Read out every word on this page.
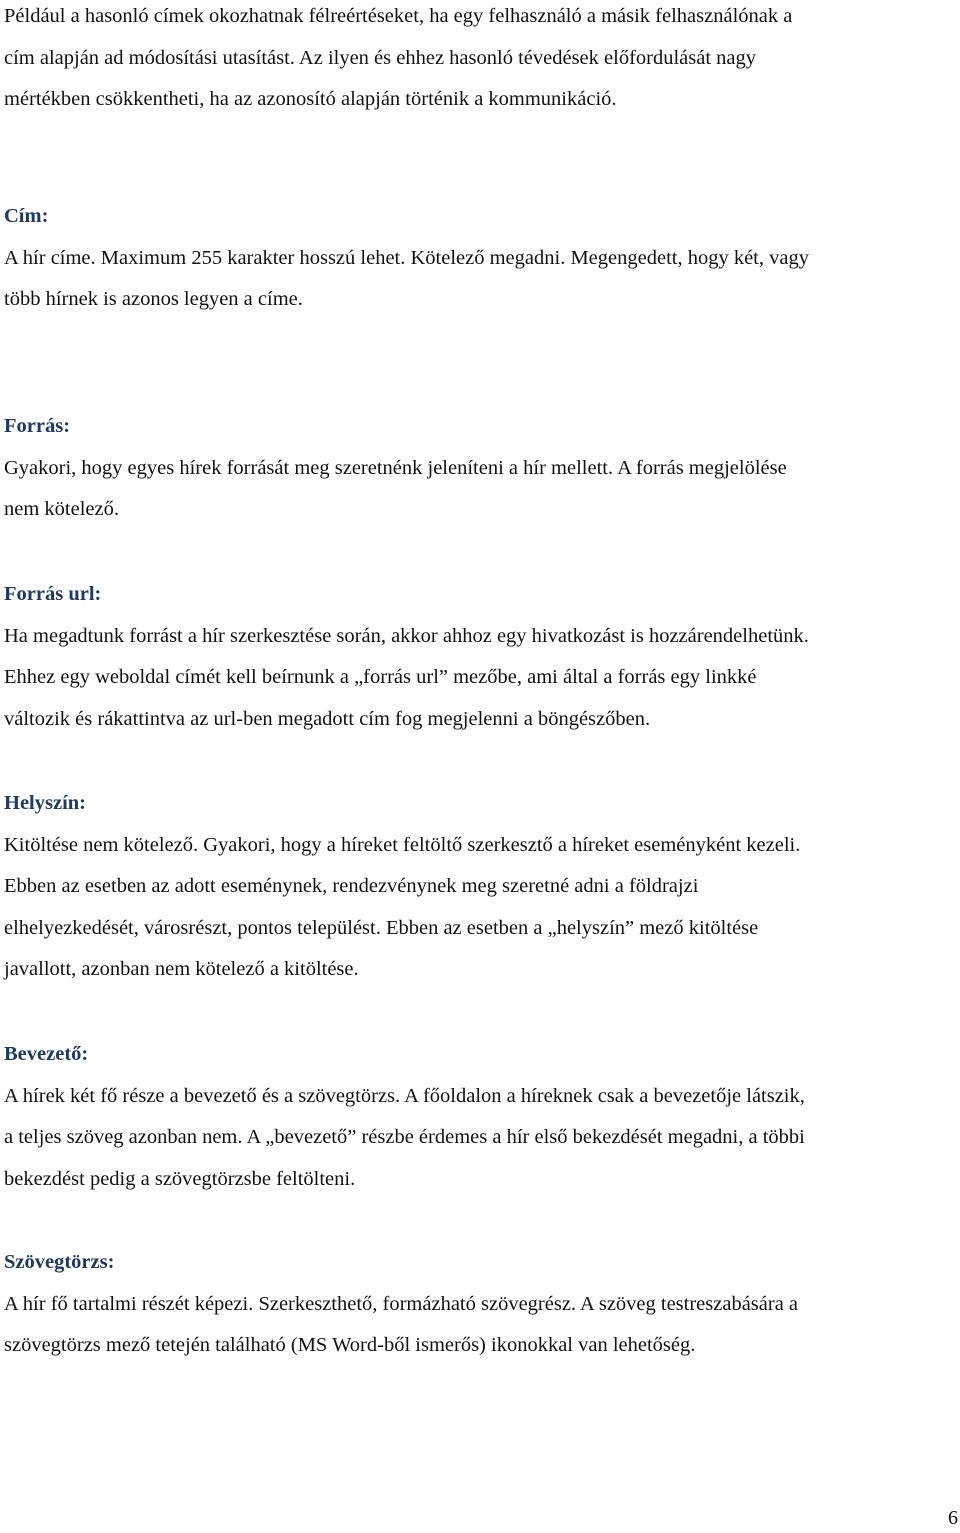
Például a hasonló címek okozhatnak félreértéseket, ha egy felhasználó a másik felhasználónak a
cím alapján ad módosítási utasítást. Az ilyen és ehhez hasonló tévedések előfordulását nagy
mértékben csökkentheti, ha az azonosító alapján történik a kommunikáció.
Cím:
A hír címe. Maximum 255 karakter hosszú lehet. Kötelező megadni. Megengedett, hogy két, vagy
több hírnek is azonos legyen a címe.
Forrás:
Gyakori, hogy egyes hírek forrását meg szeretnénk jeleníteni a hír mellett. A forrás megjelölése
nem kötelező.
Forrás url:
Ha megadtunk forrást a hír szerkesztése során, akkor ahhoz egy hivatkozást is hozzárendelhetünk.
Ehhez egy weboldal címét kell beírnunk a „forrás url” mezőbe, ami által a forrás egy linkké
változik és rákattintva az url-ben megadott cím fog megjelenni a böngészőben.
Helyszín:
Kitöltése nem kötelező. Gyakori, hogy a híreket feltöltő szerkesztő a híreket eseményként kezeli.
Ebben az esetben az adott eseménynek, rendezvénynek meg szeretné adni a földrajzi
elhelyezkedését, városrészt, pontos települést. Ebben az esetben a „helyszín” mező kitöltése
javallott, azonban nem kötelező a kitöltése.
Bevezető:
A hírek két fő része a bevezető és a szövegtörzs. A főoldalon a híreknek csak a bevezetője látszik,
a teljes szöveg azonban nem. A „bevezető” részbe érdemes a hír első bekezdését megadni, a többi
bekezdést pedig a szövegtörzsbe feltölteni.
Szövegtörzs:
A hír fő tartalmi részét képezi. Szerkeszthető, formázható szövegrész. A szöveg testreszabására a
szövegtörzs mező tetején található (MS Word-ből ismerős) ikonokkal van lehetőség.
6
